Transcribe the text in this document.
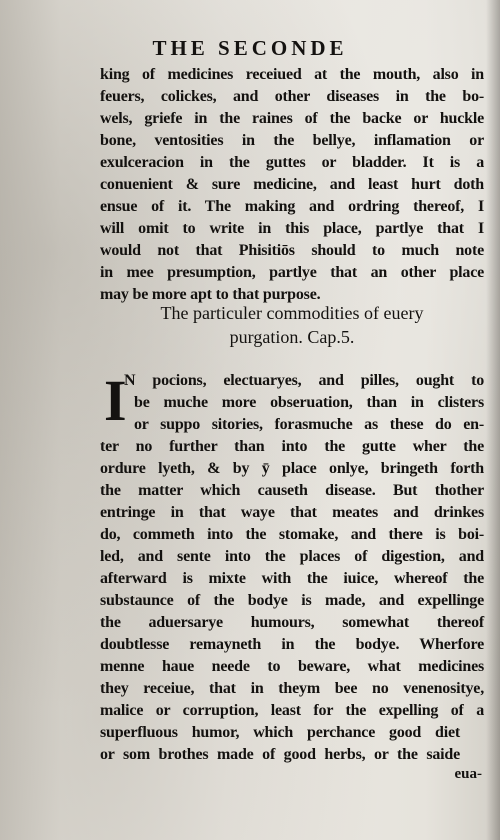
THE SECONDE
king of medicines receiued at the mouth, also in
feuers, colickes, and other diseases in the bo-
wels, griefe in the raines of the backe or huckle
bone, ventosities in the bellye, inflamation or
exulceracion in the guttes or bladder. It is a
conuenient & sure medicine, and least hurt doth
ensue of it. The making and ordring thereof, I
will omit to write in this place, partlye that I
would not that Phisitiōs should to much note
in mee presumption, partlye that an other place
may be more apt to that purpose.
The particuler commodities of euery
purgation. Cap.5.
I
N pocions, electuaryes, and pilles, ought to
be muche more obseruation, than in clisters
or suppo sitories, forasmuche as these do en-
ter no further than into the gutte wher the
ordure lyeth, & by ȳ place onlye, bringeth forth
the matter which causeth disease. But thother
entringe in that waye that meates and drinkes
do, commeth into the stomake, and there is boi-
led, and sente into the places of digestion, and
afterward is mixte with the iuice, whereof the
substaunce of the bodye is made, and expellinge
the aduersarye humours, somewhat thereof
doubtlesse remayneth in the bodye. Wherfore
menne haue neede to beware, what medicines
they receiue, that in theym bee no venenositye,
malice or corruption, least for the expelling of a
superfluous humor, which perchance good diet
or som brothes made of good herbs, or the saide
eua-
